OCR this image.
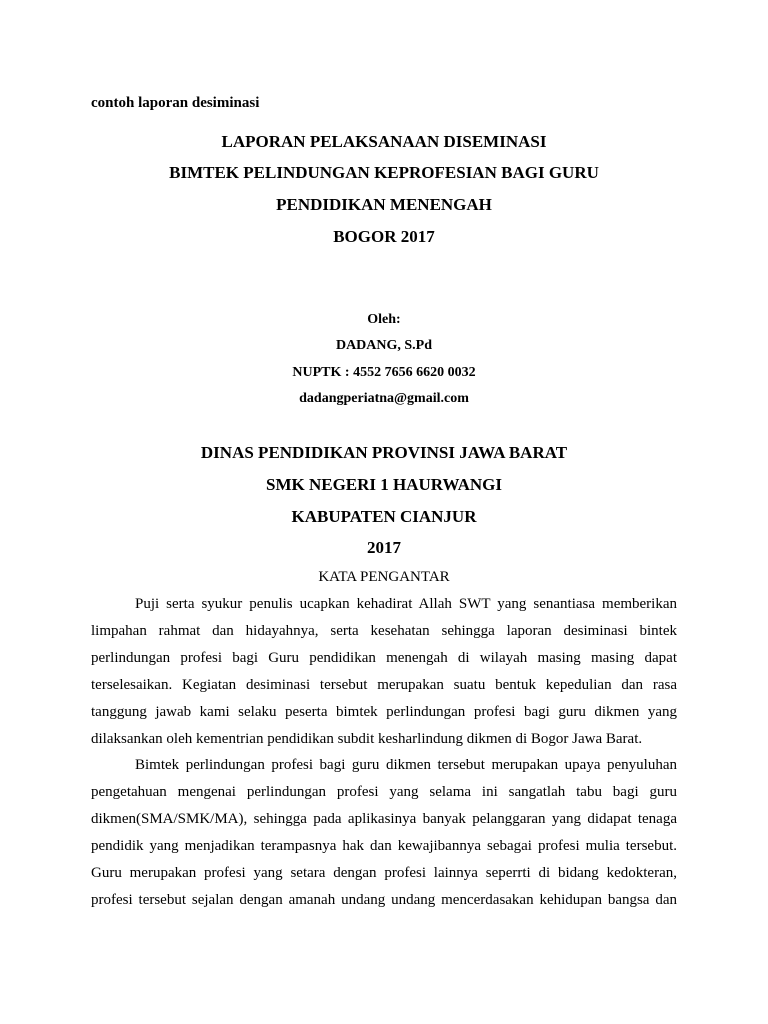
contoh laporan desiminasi
LAPORAN PELAKSANAAN DISEMINASI
BIMTEK PELINDUNGAN KEPROFESIAN BAGI GURU
PENDIDIKAN MENENGAH
BOGOR 2017
Oleh:
DADANG, S.Pd
NUPTK : 4552 7656 6620 0032
dadangperiatna@gmail.com
DINAS PENDIDIKAN PROVINSI JAWA BARAT
SMK NEGERI 1 HAURWANGI
KABUPATEN CIANJUR
2017
KATA PENGANTAR
Puji serta syukur penulis ucapkan kehadirat Allah SWT yang senantiasa memberikan
limpahan rahmat dan hidayahnya, serta kesehatan sehingga laporan desiminasi bintek
perlindungan profesi bagi Guru pendidikan menengah di wilayah masing masing dapat
terselesaikan. Kegiatan desiminasi tersebut merupakan suatu bentuk kepedulian dan rasa
tanggung jawab kami selaku peserta bimtek perlindungan profesi bagi guru dikmen yang
dilaksankan oleh kementrian pendidikan subdit kesharlindung dikmen di Bogor Jawa Barat.
Bimtek perlindungan profesi bagi guru dikmen tersebut merupakan upaya penyuluhan
pengetahuan mengenai perlindungan profesi yang selama ini sangatlah tabu bagi guru
dikmen(SMA/SMK/MA), sehingga pada aplikasinya banyak pelanggaran yang didapat tenaga
pendidik yang menjadikan terampasnya hak dan kewajibannya sebagai profesi mulia tersebut.
Guru merupakan profesi yang setara dengan profesi lainnya seperrti di bidang kedokteran,
profesi tersebut sejalan dengan amanah undang undang mencerdasakan kehidupan bangsa dan
